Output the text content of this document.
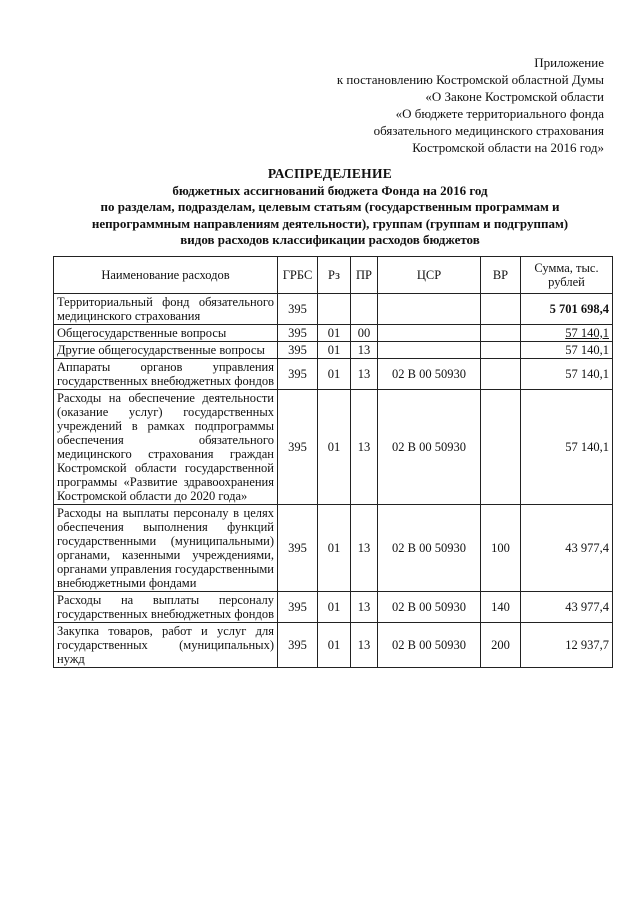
Приложение
к постановлению Костромской областной Думы
«О Законе Костромской области
«О бюджете территориального фонда
обязательного медицинского страхования
Костромской области на 2016 год»
РАСПРЕДЕЛЕНИЕ
бюджетных ассигнований бюджета Фонда на 2016 год
по разделам, подразделам, целевым статьям (государственным программам и
непрограммным направлениям деятельности), группам (группам и подгруппам)
видов расходов классификации расходов бюджетов
Наименование расходов	ГРБС	Рз	ПР	ЦСР	ВР	Сумма, тыс. рублей
Территориальный фонд обязательного медицинского страхования	395					5 701 698,4
Общегосударственные вопросы	395	01	00			57 140,1
Другие общегосударственные вопросы	395	01	13			57 140,1
Аппараты органов управления государственных внебюджетных фондов	395	01	13	02 В 00 50930		57 140,1
Расходы на обеспечение деятельности (оказание услуг) государственных учреждений в рамках подпрограммы обеспечения обязательного медицинского страхования граждан Костромской области государственной программы «Развитие здравоохранения Костромской области до 2020 года»	395	01	13	02 В 00 50930		57 140,1
Расходы на выплаты персоналу в целях обеспечения выполнения функций государственными (муниципальными) органами, казенными учреждениями, органами управления государственными внебюджетными фондами	395	01	13	02 В 00 50930	100	43 977,4
Расходы на выплаты персоналу государственных внебюджетных фондов	395	01	13	02 В 00 50930	140	43 977,4
Закупка товаров, работ и услуг для государственных (муниципальных) нужд	395	01	13	02 В 00 50930	200	12 937,7
